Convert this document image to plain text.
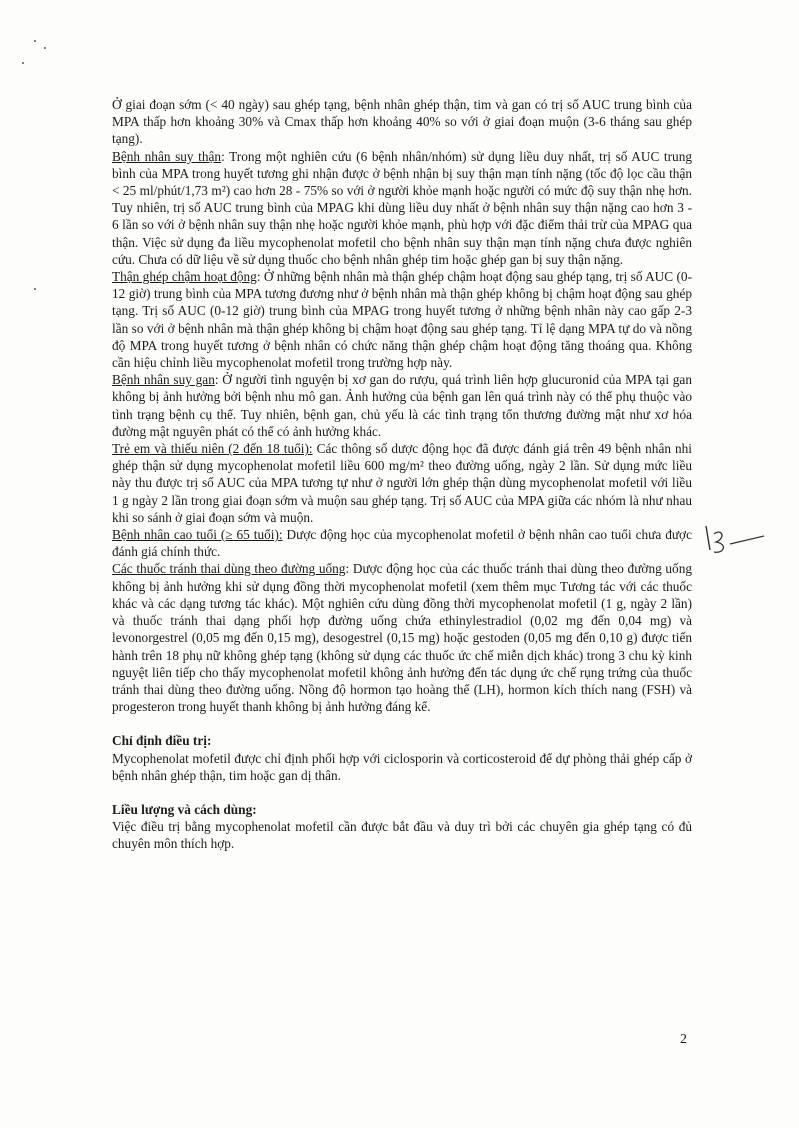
Ở giai đoạn sớm (< 40 ngày) sau ghép tạng, bệnh nhân ghép thận, tim và gan có trị số AUC trung bình của MPA thấp hơn khoảng 30% và Cmax thấp hơn khoảng 40% so với ở giai đoạn muộn (3-6 tháng sau ghép tạng).

Bệnh nhân suy thận: Trong một nghiên cứu (6 bệnh nhân/nhóm) sử dụng liều duy nhất, trị số AUC trung bình của MPA trong huyết tương ghi nhận được ở bệnh nhận bị suy thận mạn tính nặng (tốc độ lọc cầu thận < 25 ml/phút/1,73 m²) cao hơn 28 - 75% so với ở người khỏe mạnh hoặc người có mức độ suy thận nhẹ hơn. Tuy nhiên, trị số AUC trung bình của MPAG khi dùng liều duy nhất ở bệnh nhân suy thận nặng cao hơn 3 - 6 lần so với ở bệnh nhân suy thận nhẹ hoặc người khỏe mạnh, phù hợp với đặc điểm thải trừ của MPAG qua thận. Việc sử dụng đa liều mycophenolat mofetil cho bệnh nhân suy thận mạn tính nặng chưa được nghiên cứu. Chưa có dữ liệu về sử dụng thuốc cho bệnh nhân ghép tim hoặc ghép gan bị suy thận nặng.

Thận ghép chậm hoạt động: Ở những bệnh nhân mà thận ghép chậm hoạt động sau ghép tạng, trị số AUC (0-12 giờ) trung bình của MPA tương đương như ở bệnh nhân mà thận ghép không bị chậm hoạt động sau ghép tạng. Trị số AUC (0-12 giờ) trung bình của MPAG trong huyết tương ở những bệnh nhân này cao gấp 2-3 lần so với ở bệnh nhân mà thận ghép không bị chậm hoạt động sau ghép tạng. Tỉ lệ dạng MPA tự do và nồng độ MPA trong huyết tương ở bệnh nhân có chức năng thận ghép chậm hoạt động tăng thoáng qua. Không cần hiệu chỉnh liều mycophenolat mofetil trong trường hợp này.

Bệnh nhân suy gan: Ở người tình nguyện bị xơ gan do rượu, quá trình liên hợp glucuronid của MPA tại gan không bị ảnh hưởng bởi bệnh nhu mô gan. Ảnh hưởng của bệnh gan lên quá trình này có thể phụ thuộc vào tình trạng bệnh cụ thể. Tuy nhiên, bệnh gan, chủ yếu là các tình trạng tổn thương đường mật như xơ hóa đường mật nguyên phát có thể có ảnh hưởng khác.

Trẻ em và thiếu niên (2 đến 18 tuổi): Các thông số dược động học đã được đánh giá trên 49 bệnh nhân nhi ghép thận sử dụng mycophenolat mofetil liều 600 mg/m² theo đường uống, ngày 2 lần. Sử dụng mức liều này thu được trị số AUC của MPA tương tự như ở người lớn ghép thận dùng mycophenolat mofetil với liều 1 g ngày 2 lần trong giai đoạn sớm và muộn sau ghép tạng. Trị số AUC của MPA giữa các nhóm là như nhau khi so sánh ở giai đoạn sớm và muộn.

Bệnh nhân cao tuổi (≥ 65 tuổi): Dược động học của mycophenolat mofetil ở bệnh nhân cao tuổi chưa được đánh giá chính thức.

Các thuốc tránh thai dùng theo đường uống: Dược động học của các thuốc tránh thai dùng theo đường uống không bị ảnh hưởng khi sử dụng đồng thời mycophenolat mofetil (xem thêm mục Tương tác với các thuốc khác và các dạng tương tác khác). Một nghiên cứu dùng đồng thời mycophenolat mofetil (1 g, ngày 2 lần) và thuốc tránh thai dạng phối hợp đường uống chứa ethinylestradiol (0,02 mg đến 0,04 mg) và levonorgestrel (0,05 mg đến 0,15 mg), desogestrel (0,15 mg) hoặc gestoden (0,05 mg đến 0,10 g) được tiến hành trên 18 phụ nữ không ghép tạng (không sử dụng các thuốc ức chế miễn dịch khác) trong 3 chu kỳ kinh nguyệt liên tiếp cho thấy mycophenolat mofetil không ảnh hưởng đến tác dụng ức chế rụng trứng của thuốc tránh thai dùng theo đường uống. Nồng độ hormon tạo hoàng thể (LH), hormon kích thích nang (FSH) và progesteron trong huyết thanh không bị ảnh hưởng đáng kể.

Chỉ định điều trị:

Mycophenolat mofetil được chỉ định phối hợp với ciclosporin và corticosteroid để dự phòng thải ghép cấp ở bệnh nhân ghép thận, tim hoặc gan dị thân.

Liều lượng và cách dùng:

Việc điều trị bằng mycophenolat mofetil cần được bắt đầu và duy trì bởi các chuyên gia ghép tạng có đủ chuyên môn thích hợp.

2
